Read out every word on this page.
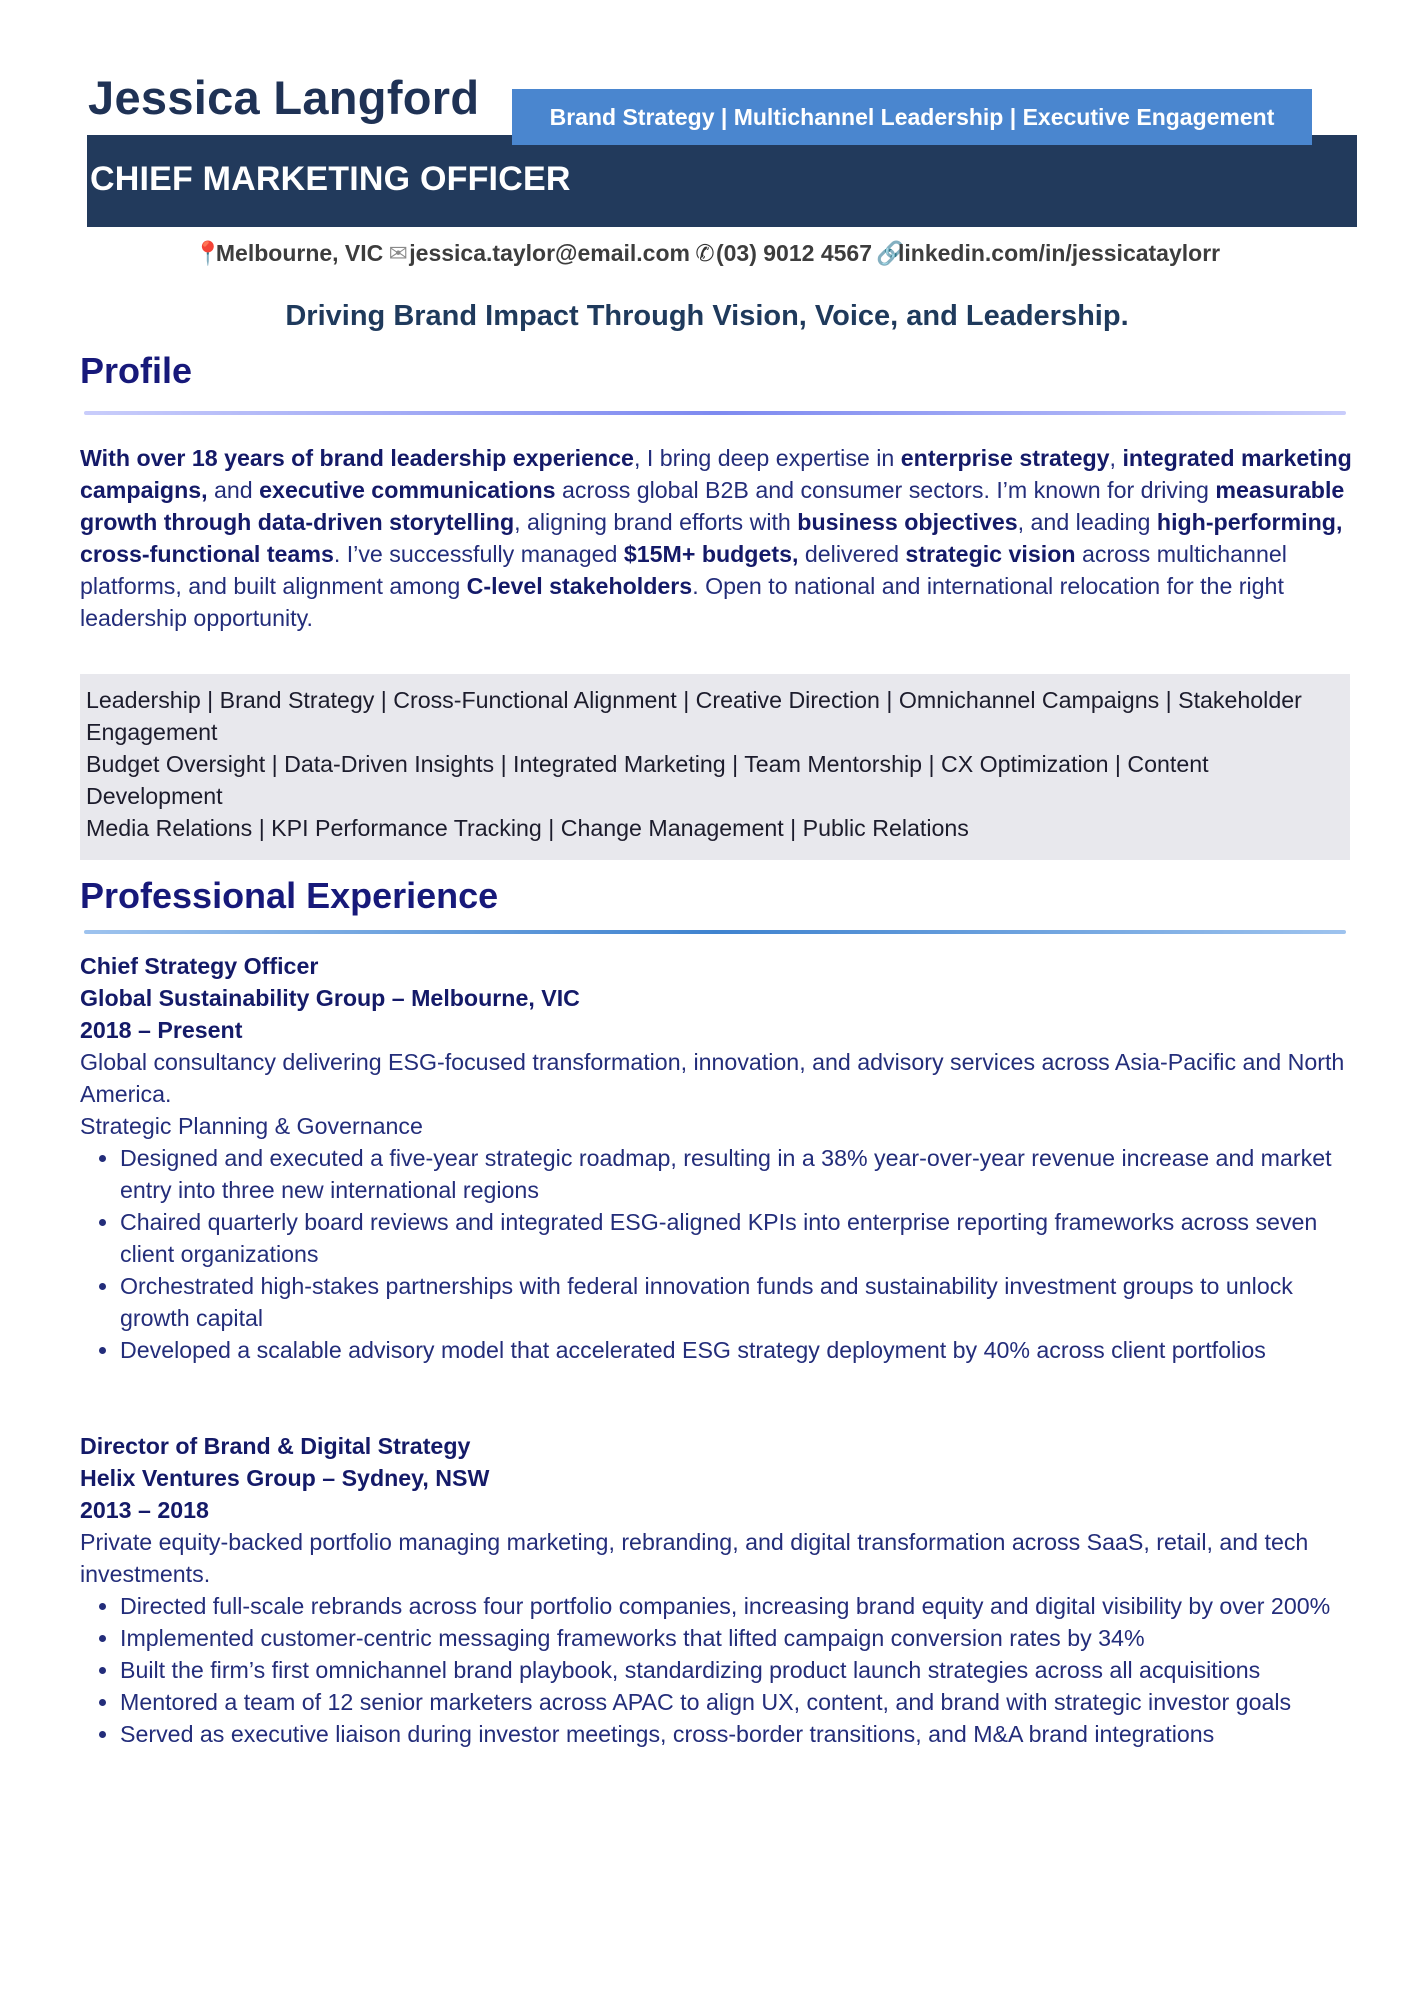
Jessica Langford	Brand Strategy | Multichannel Leadership | Executive Engagement
CHIEF MARKETING OFFICER
📍Melbourne, VIC ✉jessica.taylor@email.com ✆(03) 9012 4567 🔗linkedin.com/in/jessicataylorr
Driving Brand Impact Through Vision, Voice, and Leadership.
Profile
With over 18 years of brand leadership experience, I bring deep expertise in enterprise strategy, integrated marketing campaigns, and executive communications across global B2B and consumer sectors. I’m known for driving measurable growth through data-driven storytelling, aligning brand efforts with business objectives, and leading high-performing, cross-functional teams. I’ve successfully managed $15M+ budgets, delivered strategic vision across multichannel platforms, and built alignment among C-level stakeholders. Open to national and international relocation for the right leadership opportunity.
Leadership | Brand Strategy | Cross-Functional Alignment | Creative Direction | Omnichannel Campaigns | Stakeholder Engagement
Budget Oversight | Data-Driven Insights | Integrated Marketing | Team Mentorship | CX Optimization | Content Development
Media Relations | KPI Performance Tracking | Change Management | Public Relations
Professional Experience
Chief Strategy Officer
Global Sustainability Group – Melbourne, VIC
2018 – Present
Global consultancy delivering ESG-focused transformation, innovation, and advisory services across Asia-Pacific and North America.
Strategic Planning & Governance
• Designed and executed a five-year strategic roadmap, resulting in a 38% year-over-year revenue increase and market entry into three new international regions
• Chaired quarterly board reviews and integrated ESG-aligned KPIs into enterprise reporting frameworks across seven client organizations
• Orchestrated high-stakes partnerships with federal innovation funds and sustainability investment groups to unlock growth capital
• Developed a scalable advisory model that accelerated ESG strategy deployment by 40% across client portfolios
Director of Brand & Digital Strategy
Helix Ventures Group – Sydney, NSW
2013 – 2018
Private equity-backed portfolio managing marketing, rebranding, and digital transformation across SaaS, retail, and tech investments.
• Directed full-scale rebrands across four portfolio companies, increasing brand equity and digital visibility by over 200%
• Implemented customer-centric messaging frameworks that lifted campaign conversion rates by 34%
• Built the firm’s first omnichannel brand playbook, standardizing product launch strategies across all acquisitions
• Mentored a team of 12 senior marketers across APAC to align UX, content, and brand with strategic investor goals
• Served as executive liaison during investor meetings, cross-border transitions, and M&A brand integrations
